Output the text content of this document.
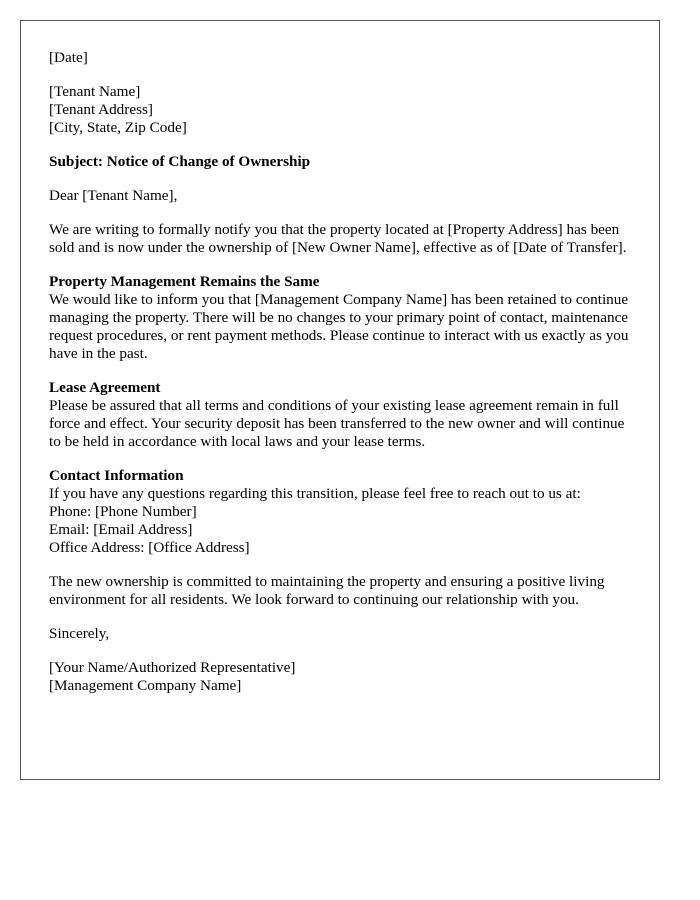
[Date]
[Tenant Name]
[Tenant Address]
[City, State, Zip Code]
Subject: Notice of Change of Ownership
Dear [Tenant Name],
We are writing to formally notify you that the property located at [Property Address] has been sold and is now under the ownership of [New Owner Name], effective as of [Date of Transfer].
Property Management Remains the Same
We would like to inform you that [Management Company Name] has been retained to continue managing the property. There will be no changes to your primary point of contact, maintenance request procedures, or rent payment methods. Please continue to interact with us exactly as you have in the past.
Lease Agreement
Please be assured that all terms and conditions of your existing lease agreement remain in full force and effect. Your security deposit has been transferred to the new owner and will continue to be held in accordance with local laws and your lease terms.
Contact Information
If you have any questions regarding this transition, please feel free to reach out to us at:
Phone: [Phone Number]
Email: [Email Address]
Office Address: [Office Address]
The new ownership is committed to maintaining the property and ensuring a positive living environment for all residents. We look forward to continuing our relationship with you.
Sincerely,
[Your Name/Authorized Representative]
[Management Company Name]
